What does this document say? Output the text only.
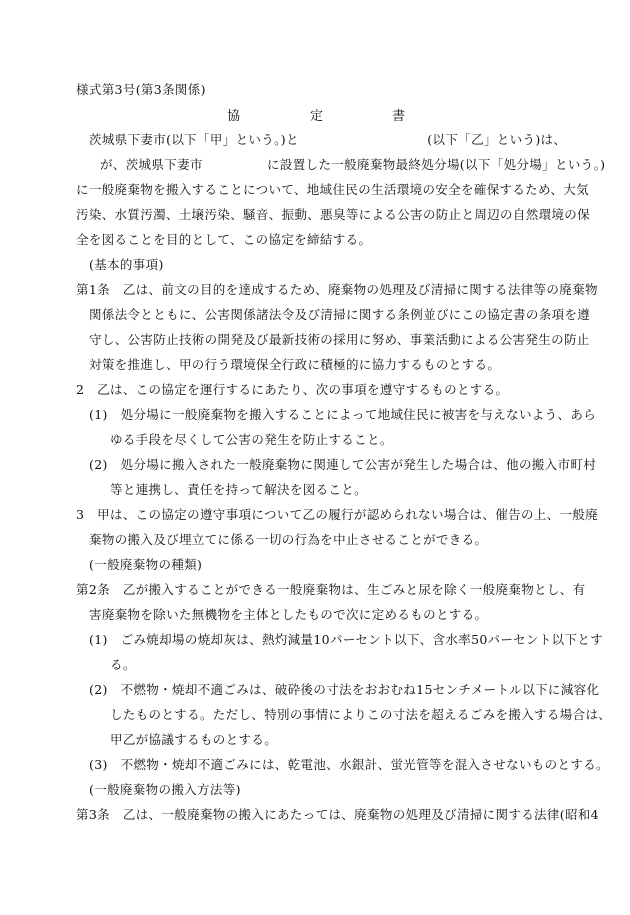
様式第3号(第3条関係)
協	定	書
茨城県下妻市(以下「甲」という。)と　　　　　　　　　　(以下「乙」という)は、
が、茨城県下妻市　　　　　に設置した一般廃棄物最終処分場(以下「処分場」という。)
に一般廃棄物を搬入することについて、地域住民の生活環境の安全を確保するため、大気
汚染、水質汚濁、土壌汚染、騒音、振動、悪臭等による公害の防止と周辺の自然環境の保
全を図ることを目的として、この協定を締結する。
(基本的事項)
第1条　乙は、前文の目的を達成するため、廃棄物の処理及び清掃に関する法律等の廃棄物
関係法令とともに、公害関係諸法令及び清掃に関する条例並びにこの協定書の条項を遵
守し、公害防止技術の開発及び最新技術の採用に努め、事業活動による公害発生の防止
対策を推進し、甲の行う環境保全行政に積極的に協力するものとする。
2　乙は、この協定を運行するにあたり、次の事項を遵守するものとする。
(1)　処分場に一般廃棄物を搬入することによって地域住民に被害を与えないよう、あら
ゆる手段を尽くして公害の発生を防止すること。
(2)　処分場に搬入された一般廃棄物に関連して公害が発生した場合は、他の搬入市町村
等と連携し、責任を持って解決を図ること。
3　甲は、この協定の遵守事項について乙の履行が認められない場合は、催告の上、一般廃
棄物の搬入及び埋立てに係る一切の行為を中止させることができる。
(一般廃棄物の種類)
第2条　乙が搬入することができる一般廃棄物は、生ごみと尿を除く一般廃棄物とし、有
害廃棄物を除いた無機物を主体としたもので次に定めるものとする。
(1)　ごみ焼却場の焼却灰は、熱灼減量10パーセント以下、含水率50パーセント以下とす
る。
(2)　不燃物・焼却不適ごみは、破砕後の寸法をおおむね15センチメートル以下に減容化
したものとする。ただし、特別の事情によりこの寸法を超えるごみを搬入する場合は、
甲乙が協議するものとする。
(3)　不燃物・焼却不適ごみには、乾電池、水銀計、蛍光管等を混入させないものとする。
(一般廃棄物の搬入方法等)
第3条　乙は、一般廃棄物の搬入にあたっては、廃棄物の処理及び清掃に関する法律(昭和4
